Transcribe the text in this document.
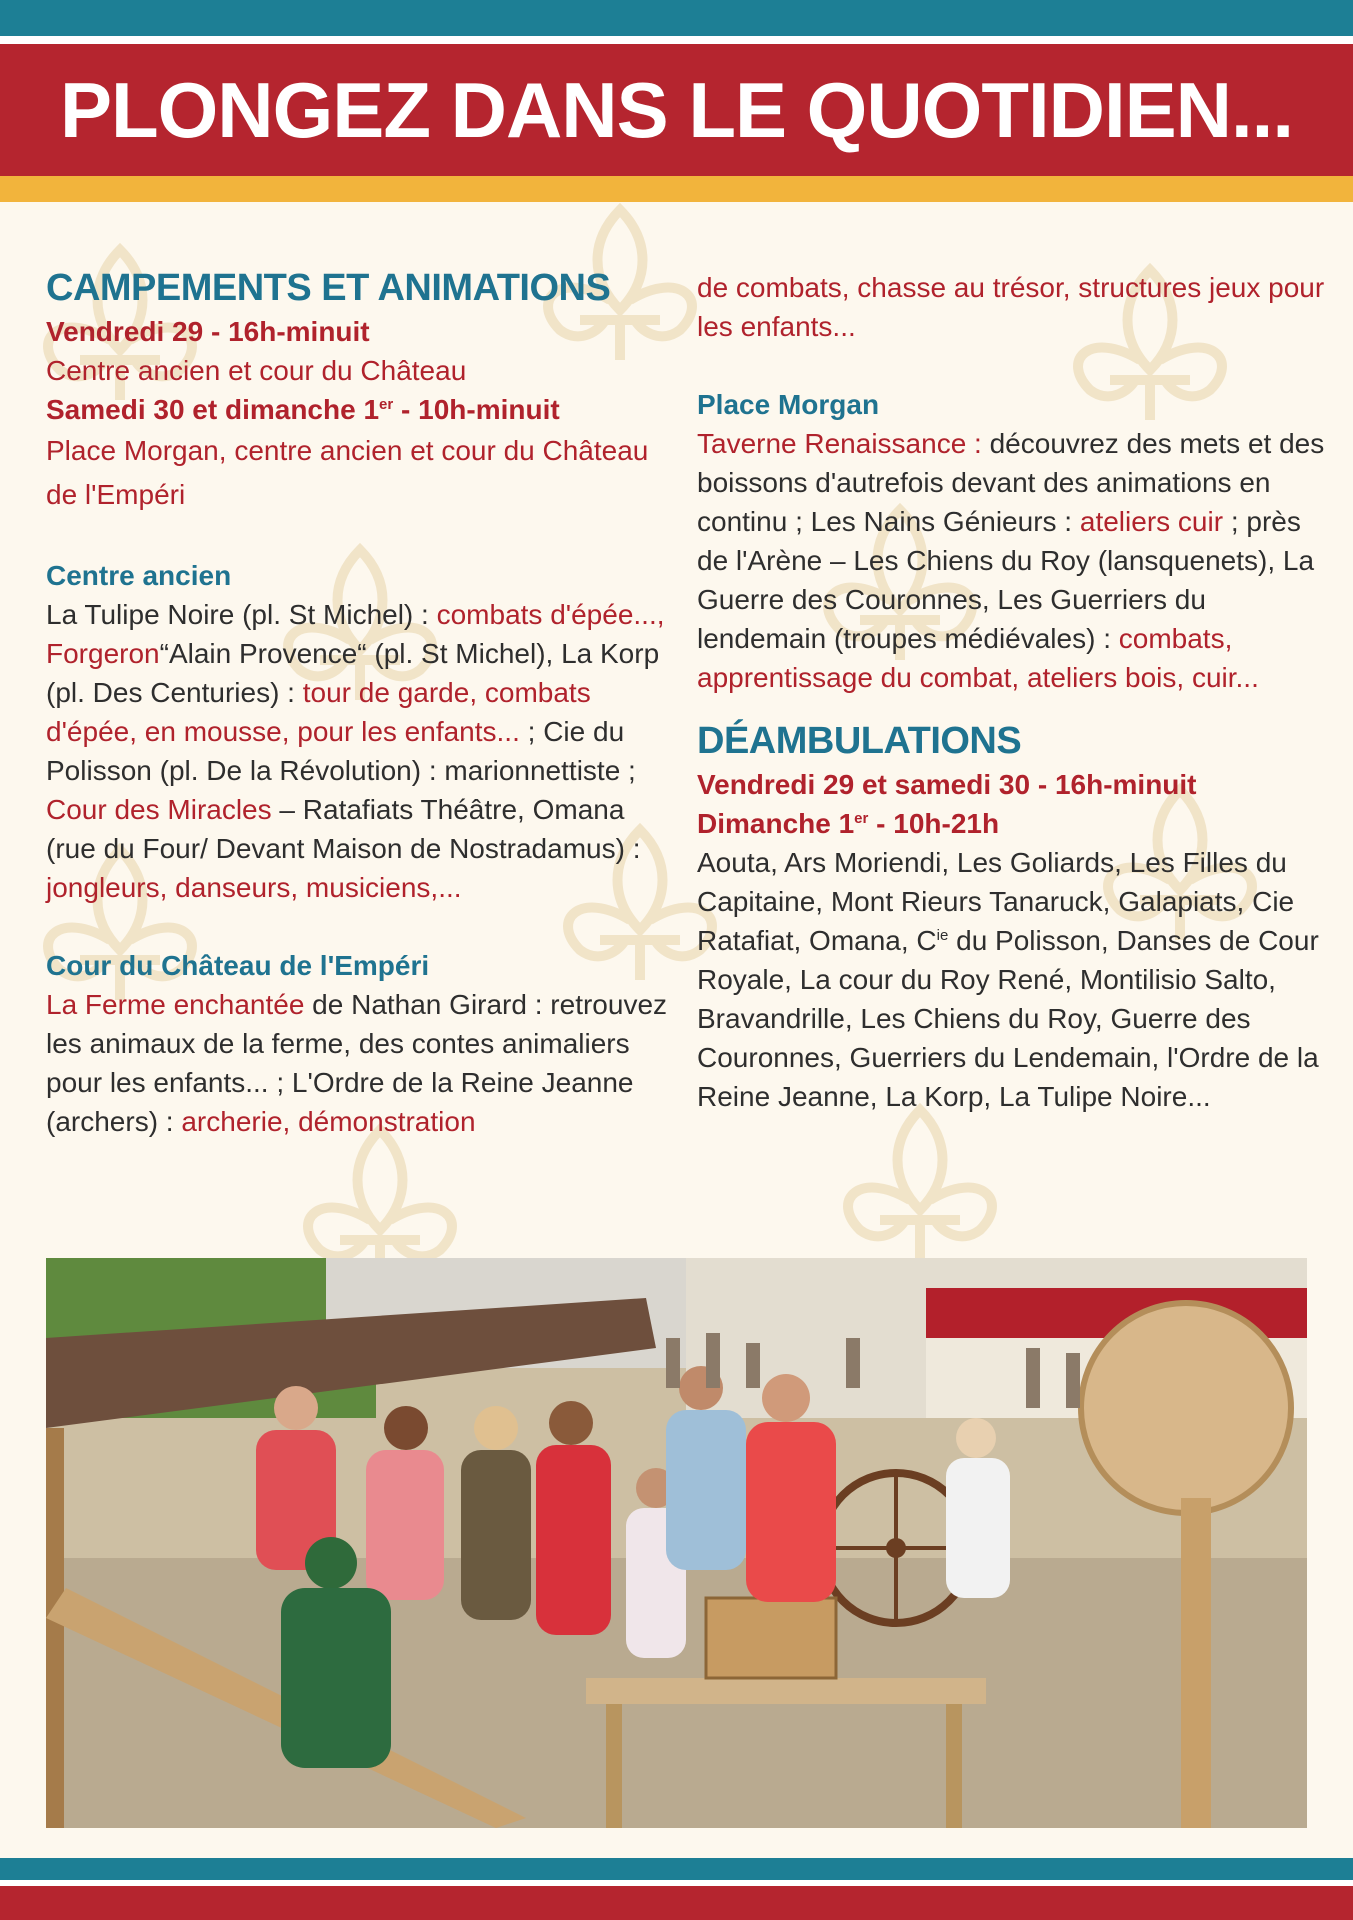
PLONGEZ DANS LE QUOTIDIEN...
CAMPEMENTS ET ANIMATIONS

Vendredi 29 - 16h-minuit

Centre ancien et cour du Château

Samedi 30 et dimanche 1er - 10h-minuit

Place Morgan, centre ancien et cour du Château de l'Empéri

Centre ancien

La Tulipe Noire (pl. St Michel) : combats d'épée..., Forgeron“Alain Provence“ (pl. St Michel), La Korp (pl. Des Centuries) : tour de garde, combats d'épée, en mousse, pour les enfants... ; Cie du Polisson (pl. De la Révolution) : marionnettiste ; Cour des Miracles – Ratafiats Théâtre, Omana (rue du Four/ Devant Maison de Nostradamus) : jongleurs, danseurs, musiciens,...

Cour du Château de l'Empéri

La Ferme enchantée de Nathan Girard : retrouvez les animaux de la ferme, des contes animaliers pour les enfants... ; L'Ordre de la Reine Jeanne (archers) : archerie, démonstration

de combats, chasse au trésor, structures jeux pour les enfants...

Place Morgan

Taverne Renaissance : découvrez des mets et des boissons d'autrefois devant des animations en continu ; Les Nains Génieurs : ateliers cuir ; près de l'Arène – Les Chiens du Roy (lansquenets), La Guerre des Couronnes, Les Guerriers du lendemain (troupes médiévales) : combats, apprentissage du combat, ateliers bois, cuir...

DÉAMBULATIONS

Vendredi 29 et samedi 30 - 16h-minuit

Dimanche 1er - 10h-21h

Aouta, Ars Moriendi, Les Goliards, Les Filles du Capitaine, Mont Rieurs Tanaruck, Galapiats, Cie Ratafiat, Omana, $C^{ie}$ du Polisson, Danses de Cour Royale, La cour du Roy René, Montilisio Salto, Bravandrille, Les Chiens du Roy, Guerre des Couronnes, Guerriers du Lendemain, l'Ordre de la Reine Jeanne, La Korp, La Tulipe Noire...
